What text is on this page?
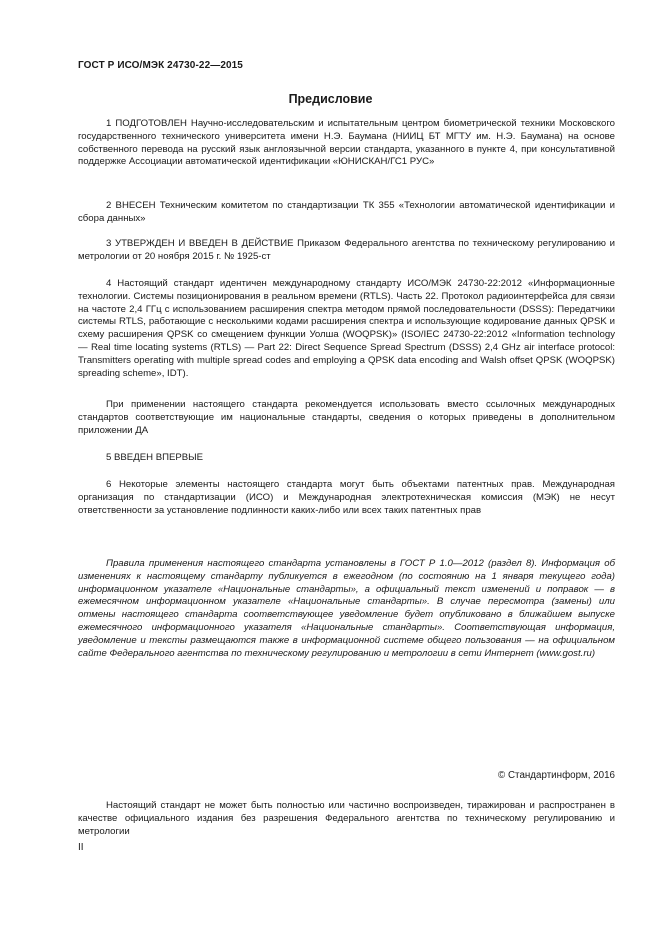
ГОСТ Р ИСО/МЭК 24730-22—2015
Предисловие

1 ПОДГОТОВЛЕН Научно-исследовательским и испытательным центром биометрической техники Московского государственного технического университета имени Н.Э. Баумана (НИИЦ БТ МГТУ им. Н.Э. Баумана) на основе собственного перевода на русский язык англоязычной версии стандарта, указанного в пункте 4, при консультативной поддержке Ассоциации автоматической идентификации «ЮНИСКАН/ГС1 РУС»

2 ВНЕСЕН Техническим комитетом по стандартизации ТК 355 «Технологии автоматической идентификации и сбора данных»

3 УТВЕРЖДЕН И ВВЕДЕН В ДЕЙСТВИЕ Приказом Федерального агентства по техническому регулированию и метрологии от 20 ноября 2015 г. № 1925-ст

4 Настоящий стандарт идентичен международному стандарту ИСО/МЭК 24730-22:2012 «Информационные технологии. Системы позиционирования в реальном времени (RTLS). Часть 22. Протокол радиоинтерфейса для связи на частоте 2,4 ГГц с использованием расширения спектра методом прямой последовательности (DSSS): Передатчики системы RTLS, работающие с несколькими кодами расширения спектра и использующие кодирование данных QPSK и схему расширения QPSK со смещением функции Уолша (WOQPSK)» (ISO/IEC 24730-22:2012 «Information technology — Real time locating systems (RTLS) — Part 22: Direct Sequence Spread Spectrum (DSSS) 2,4 GHz air interface protocol: Transmitters operating with multiple spread codes and employing a QPSK data encoding and Walsh offset QPSK (WOQPSK) spreading scheme», IDT).

При применении настоящего стандарта рекомендуется использовать вместо ссылочных международных стандартов соответствующие им национальные стандарты, сведения о которых приведены в дополнительном приложении ДА

5 ВВЕДЕН ВПЕРВЫЕ

6 Некоторые элементы настоящего стандарта могут быть объектами патентных прав. Международная организация по стандартизации (ИСО) и Международная электротехническая комиссия (МЭК) не несут ответственности за установление подлинности каких-либо или всех таких патентных прав

Правила применения настоящего стандарта установлены в ГОСТ Р 1.0—2012 (раздел 8). Информация об изменениях к настоящему стандарту публикуется в ежегодном (по состоянию на 1 января текущего года) информационном указателе «Национальные стандарты», а официальный текст изменений и поправок — в ежемесячном информационном указателе «Национальные стандарты». В случае пересмотра (замены) или отмены настоящего стандарта соответствующее уведомление будет опубликовано в ближайшем выпуске ежемесячного информационного указателя «Национальные стандарты». Соответствующая информация, уведомление и тексты размещаются также в информационной системе общего пользования — на официальном сайте Федерального агентства по техническому регулированию и метрологии в сети Интернет (www.gost.ru)

© Стандартинформ, 2016

Настоящий стандарт не может быть полностью или частично воспроизведен, тиражирован и распространен в качестве официального издания без разрешения Федерального агентства по техническому регулированию и метрологии

II
